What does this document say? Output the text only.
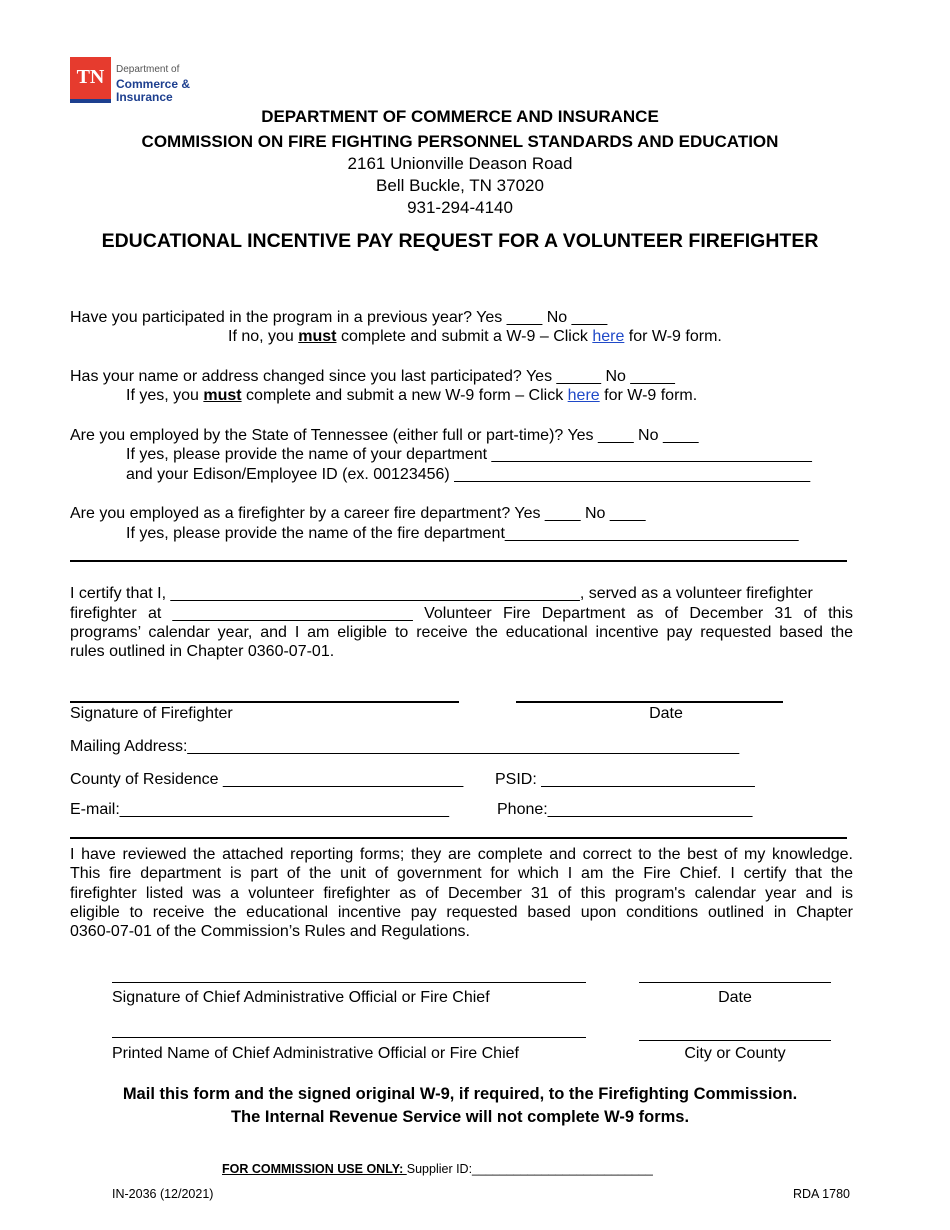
TN	Department of
Commerce &
Insurance
DEPARTMENT OF COMMERCE AND INSURANCE
COMMISSION ON FIRE FIGHTING PERSONNEL STANDARDS AND EDUCATION
2161 Unionville Deason Road
Bell Buckle, TN 37020
931-294-4140
EDUCATIONAL INCENTIVE PAY REQUEST FOR A VOLUNTEER FIREFIGHTER
Have you participated in the program in a previous year? Yes ____ No ____
If no, you must complete and submit a W-9 – Click here for W-9 form.
Has your name or address changed since you last participated? Yes _____ No _____
If yes, you must complete and submit a new W-9 form – Click here for W-9 form.
Are you employed by the State of Tennessee (either full or part-time)? Yes ____ No ____
If yes, please provide the name of your department ____________________________________
and your Edison/Employee ID (ex. 00123456) ________________________________________
Are you employed as a firefighter by a career fire department? Yes ____ No ____
If yes, please provide the name of the fire department_________________________________
I certify that I, ______________________________________________, served as a volunteer firefighter
firefighter at ___________________________ Volunteer Fire Department as of December 31 of this
programs’ calendar year, and I am eligible to receive the educational incentive pay requested based the
rules outlined in Chapter 0360-07-01.
Signature of Firefighter	Date
Mailing Address:______________________________________________________________
County of Residence ___________________________ PSID: ________________________
E-mail:_____________________________________	Phone:_______________________
I have reviewed the attached reporting forms; they are complete and correct to the best of my knowledge.
This fire department is part of the unit of government for which I am the Fire Chief. I certify that the
firefighter listed was a volunteer firefighter as of December 31 of this program's calendar year and is
eligible to receive the educational incentive pay requested based upon conditions outlined in Chapter
0360-07-01 of the Commission’s Rules and Regulations.
Signature of Chief Administrative Official or Fire Chief	Date
Printed Name of Chief Administrative Official or Fire Chief	City or County
Mail this form and the signed original W-9, if required, to the Firefighting Commission.
The Internal Revenue Service will not complete W-9 forms.
FOR COMMISSION USE ONLY: Supplier ID:__________________________
IN-2036 (12/2021)	RDA 1780
